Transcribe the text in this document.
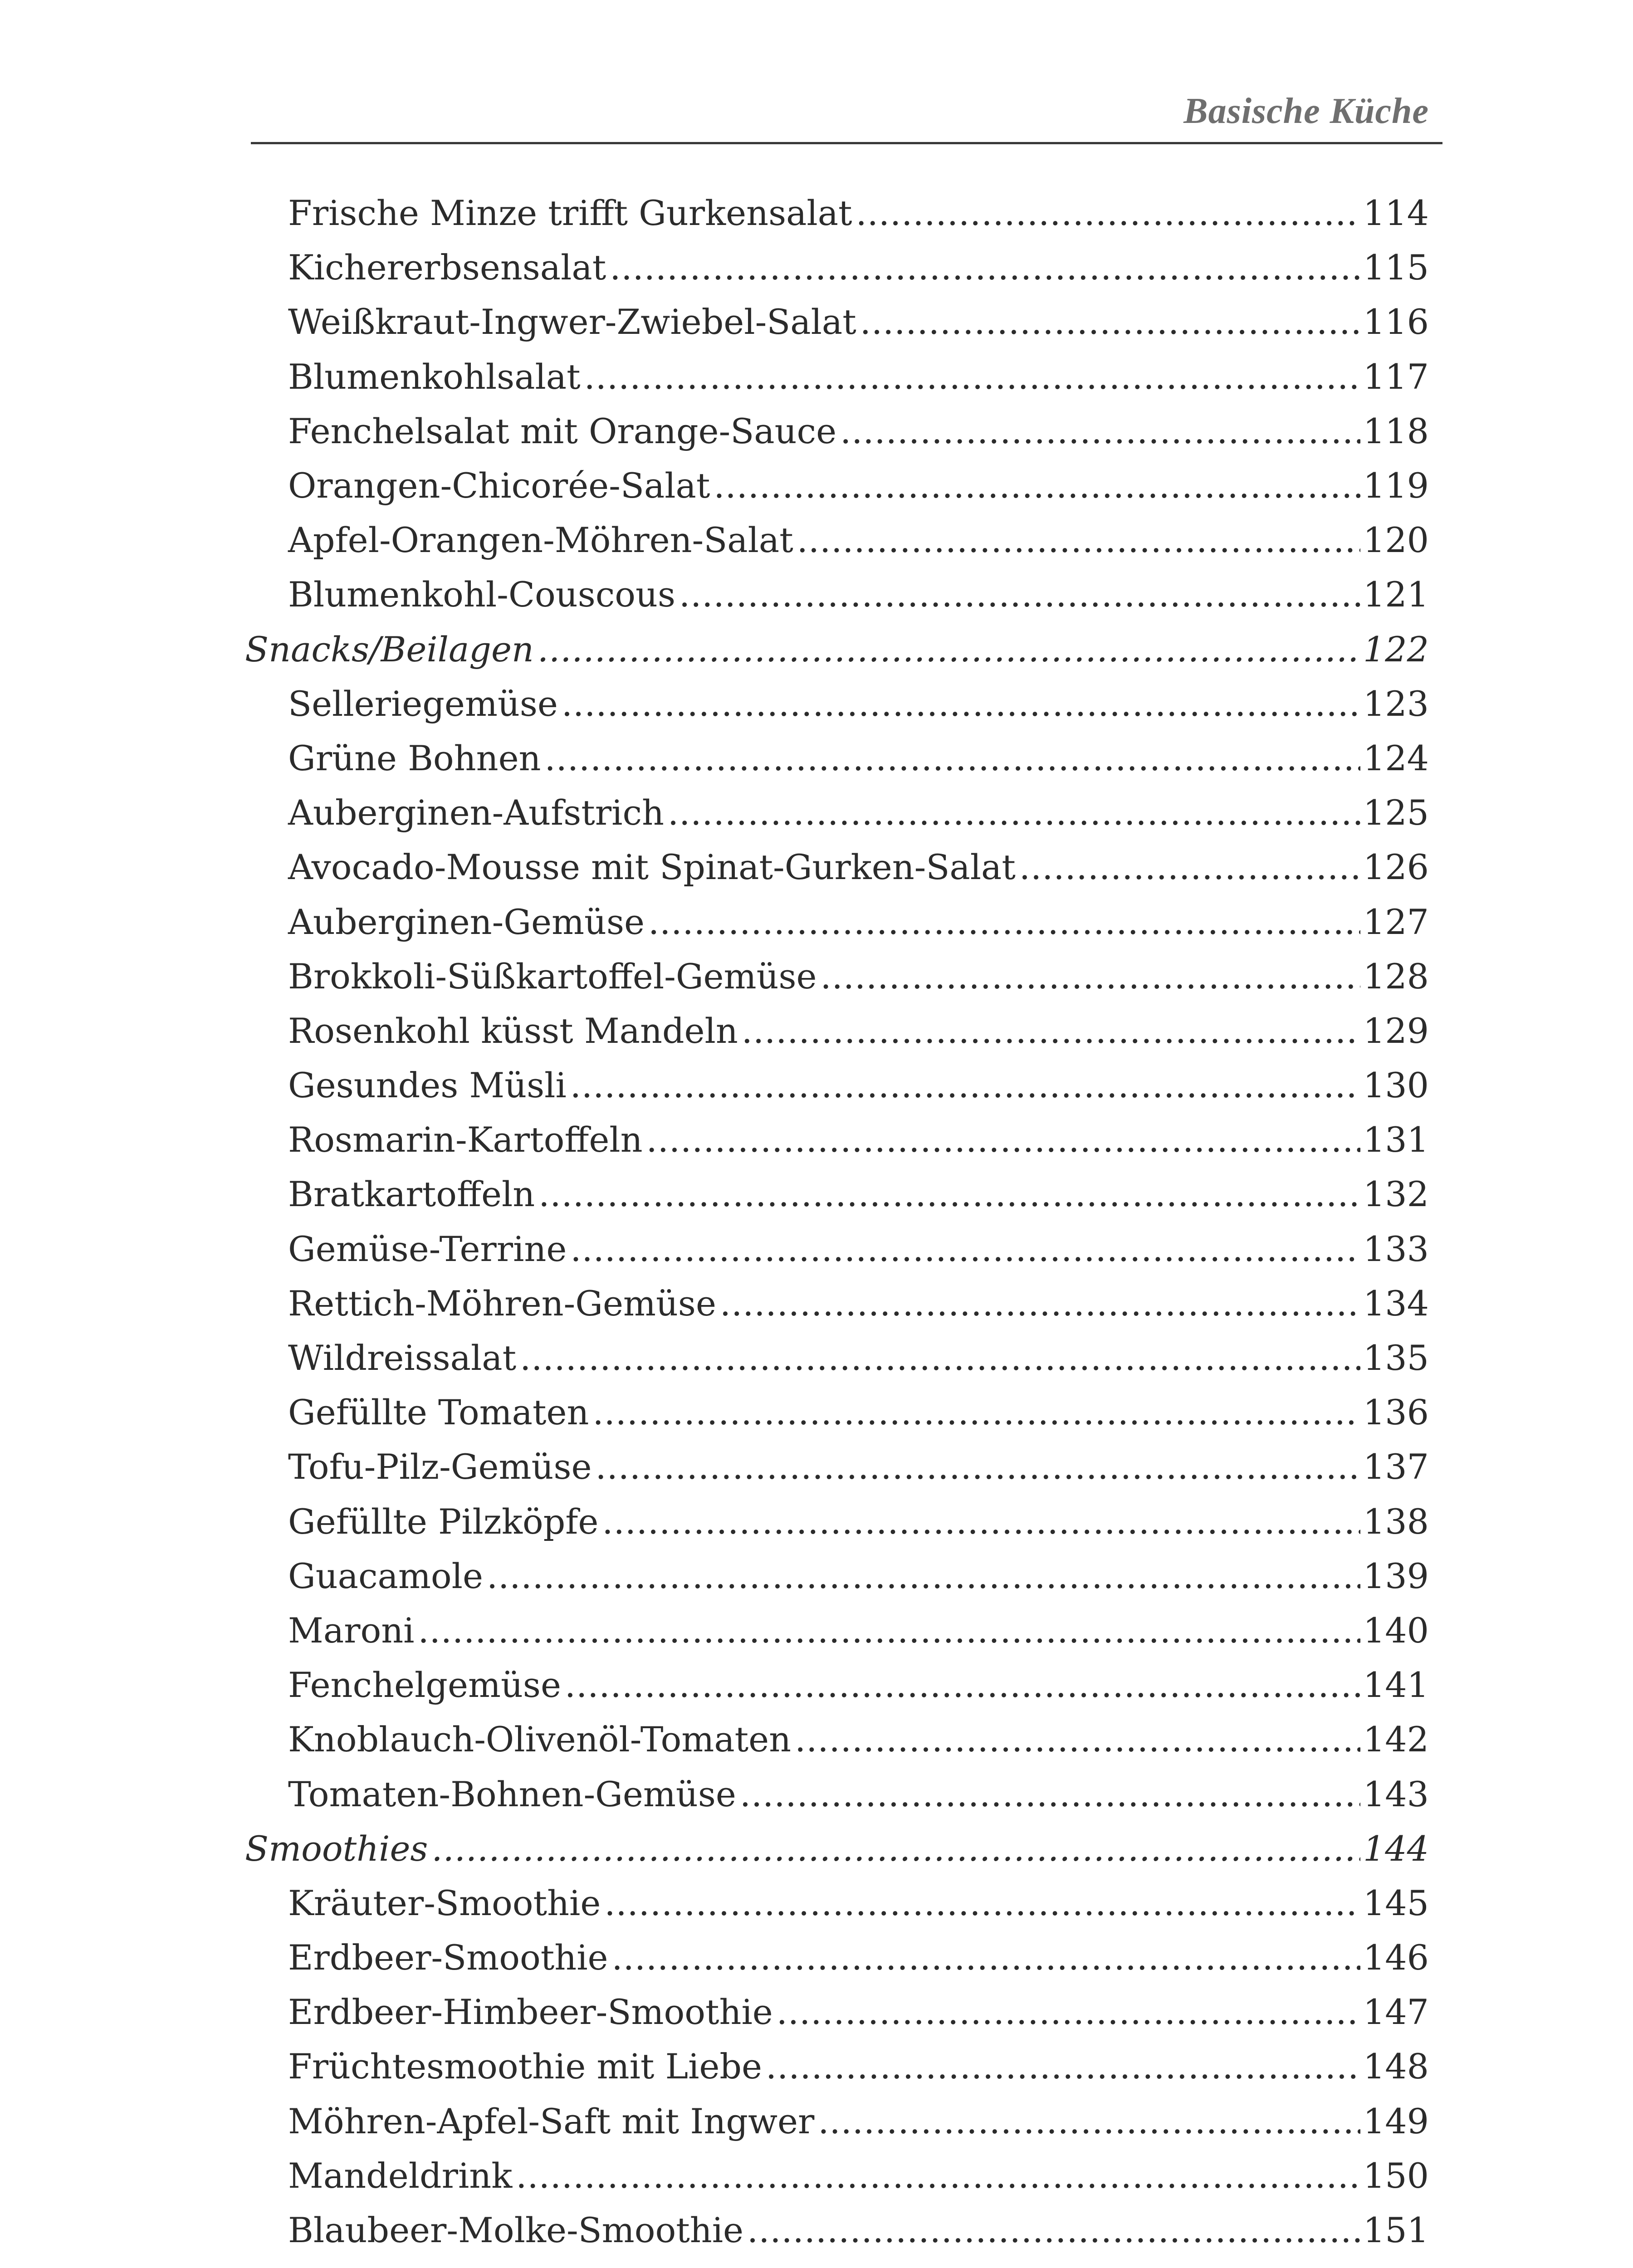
Basische Küche
Frische Minze trifft Gurkensalat .....	114
Kichererbsensalat .....	115
Weißkraut-Ingwer-Zwiebel-Salat .....	116
Blumenkohlsalat .....	117
Fenchelsalat mit Orange-Sauce .....	118
Orangen-Chicorée-Salat .....	119
Apfel-Orangen-Möhren-Salat .....	120
Blumenkohl-Couscous .....	121
Snacks/Beilagen .....	122
Selleriegemüse .....	123
Grüne Bohnen .....	124
Auberginen-Aufstrich .....	125
Avocado-Mousse mit Spinat-Gurken-Salat .....	126
Auberginen-Gemüse .....	127
Brokkoli-Süßkartoffel-Gemüse .....	128
Rosenkohl küsst Mandeln .....	129
Gesundes Müsli .....	130
Rosmarin-Kartoffeln .....	131
Bratkartoffeln .....	132
Gemüse-Terrine .....	133
Rettich-Möhren-Gemüse .....	134
Wildreissalat .....	135
Gefüllte Tomaten .....	136
Tofu-Pilz-Gemüse .....	137
Gefüllte Pilzköpfe .....	138
Guacamole .....	139
Maroni .....	140
Fenchelgemüse .....	141
Knoblauch-Olivenöl-Tomaten .....	142
Tomaten-Bohnen-Gemüse .....	143
Smoothies .....	144
Kräuter-Smoothie .....	145
Erdbeer-Smoothie .....	146
Erdbeer-Himbeer-Smoothie .....	147
Früchtesmoothie mit Liebe .....	148
Möhren-Apfel-Saft mit Ingwer .....	149
Mandeldrink .....	150
Blaubeer-Molke-Smoothie .....	151
